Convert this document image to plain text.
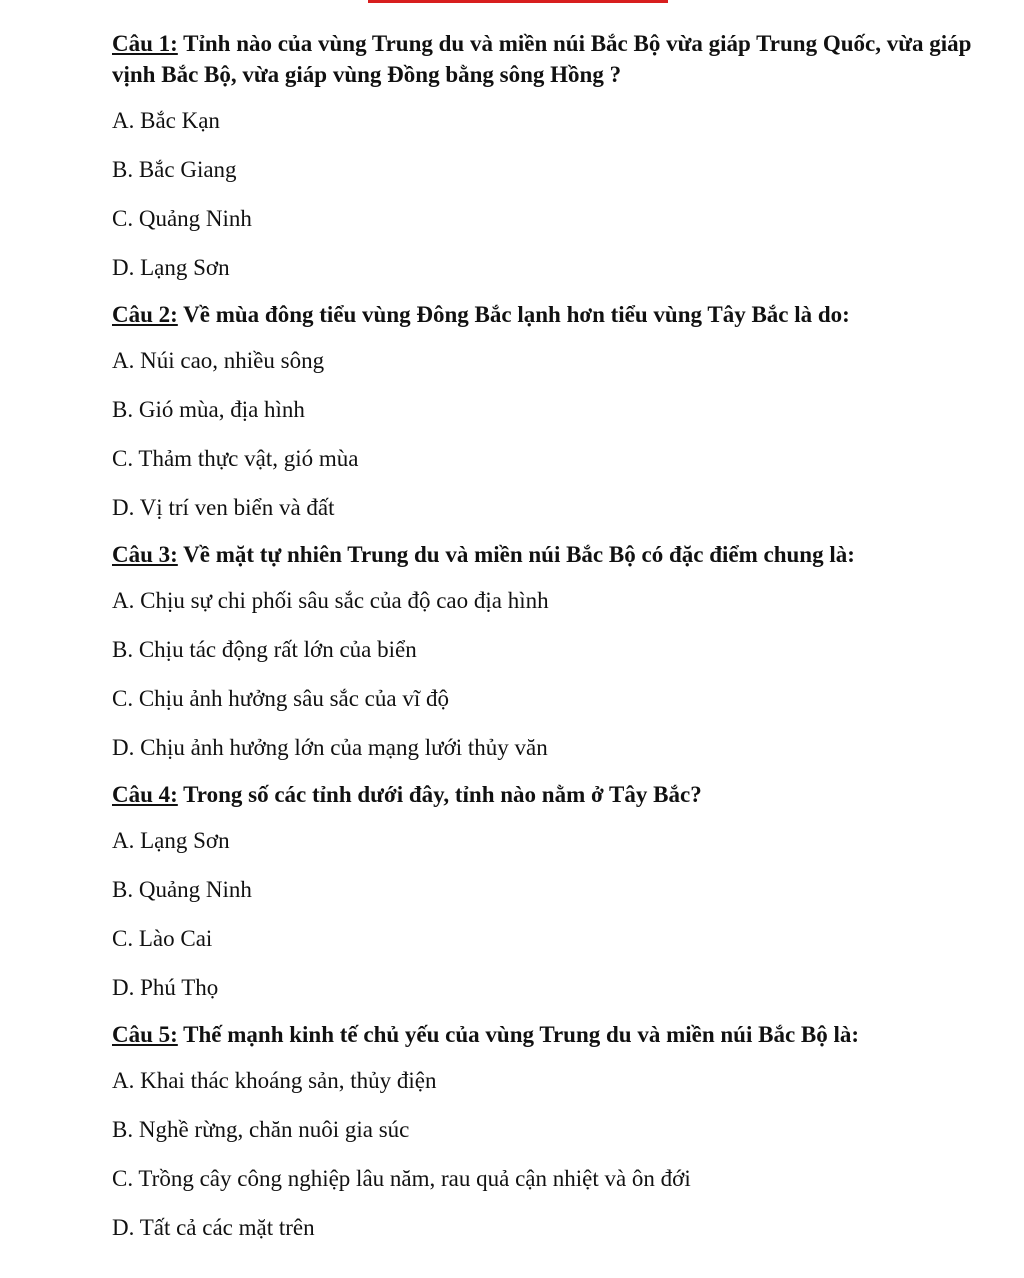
Câu 1: Tỉnh nào của vùng Trung du và miền núi Bắc Bộ vừa giáp Trung Quốc, vừa giáp vịnh Bắc Bộ, vừa giáp vùng Đồng bằng sông Hồng ?

A. Bắc Kạn

B. Bắc Giang

C. Quảng Ninh

D. Lạng Sơn

Câu 2: Về mùa đông tiểu vùng Đông Bắc lạnh hơn tiểu vùng Tây Bắc là do:

A. Núi cao, nhiều sông

B. Gió mùa, địa hình

C. Thảm thực vật, gió mùa

D. Vị trí ven biển và đất

Câu 3: Về mặt tự nhiên Trung du và miền núi Bắc Bộ có đặc điểm chung là:

A. Chịu sự chi phối sâu sắc của độ cao địa hình

B. Chịu tác động rất lớn của biển

C. Chịu ảnh hưởng sâu sắc của vĩ độ

D. Chịu ảnh hưởng lớn của mạng lưới thủy văn

Câu 4: Trong số các tỉnh dưới đây, tỉnh nào nằm ở Tây Bắc?

A. Lạng Sơn

B. Quảng Ninh

C. Lào Cai

D. Phú Thọ

Câu 5: Thế mạnh kinh tế chủ yếu của vùng Trung du và miền núi Bắc Bộ là:

A. Khai thác khoáng sản, thủy điện

B. Nghề rừng, chăn nuôi gia súc

C. Trồng cây công nghiệp lâu năm, rau quả cận nhiệt và ôn đới

D. Tất cả các mặt trên
